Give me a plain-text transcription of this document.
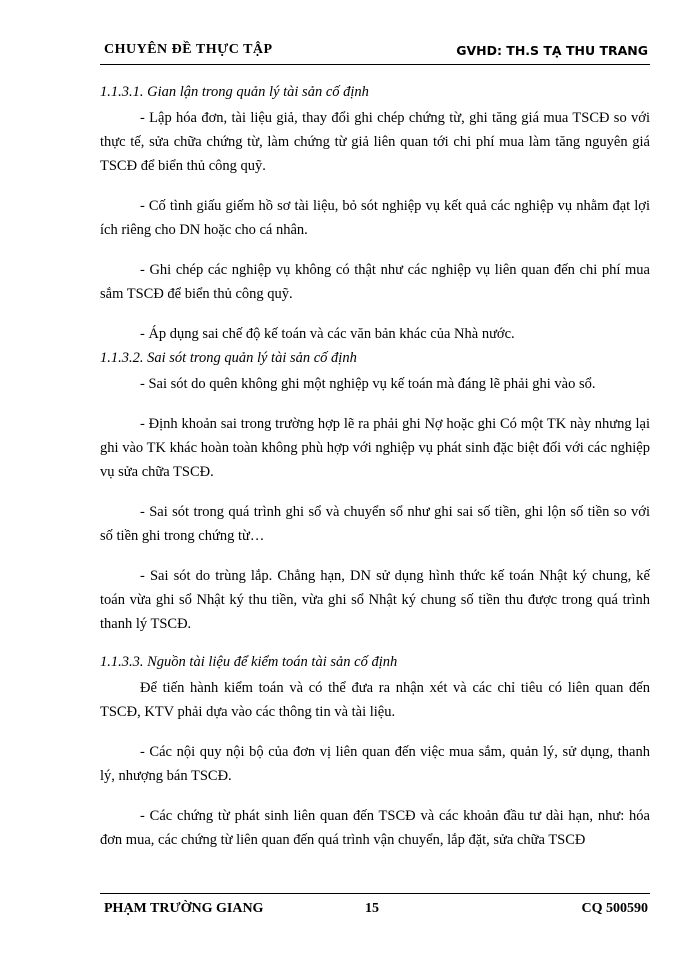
CHUYÊN ĐỀ THỰC TẬP	GVHD: TH.S TẠ THU TRANG
1.1.3.1. Gian lận trong quản lý tài sản cố định

- Lập hóa đơn, tài liệu giả, thay đổi ghi chép chứng từ, ghi tăng giá mua TSCĐ so với thực tế, sửa chữa chứng từ, làm chứng từ giả liên quan tới chi phí mua làm tăng nguyên giá TSCĐ để biển thủ công quỹ.

- Cố tình giấu giếm hồ sơ tài liệu, bỏ sót nghiệp vụ kết quả các nghiệp vụ nhằm đạt lợi ích riêng cho DN hoặc cho cá nhân.

- Ghi chép các nghiệp vụ không có thật như các nghiệp vụ liên quan đến chi phí mua sắm TSCĐ để biển thủ công quỹ.

- Áp dụng sai chế độ kế toán và các văn bản khác của Nhà nước.

1.1.3.2. Sai sót trong quản lý tài sản cố định

- Sai sót do quên không ghi một nghiệp vụ kế toán mà đáng lẽ phải ghi vào sổ.

- Định khoản sai trong trường hợp lẽ ra phải ghi Nợ hoặc ghi Có một TK này nhưng lại ghi vào TK khác hoàn toàn không phù hợp với nghiệp vụ phát sinh đặc biệt đối với các nghiệp vụ sửa chữa TSCĐ.

- Sai sót trong quá trình ghi sổ và chuyển sổ như ghi sai số tiền, ghi lộn số tiền so với số tiền ghi trong chứng từ…

- Sai sót do trùng lắp. Chẳng hạn, DN sử dụng hình thức kế toán Nhật ký chung, kế toán vừa ghi sổ Nhật ký thu tiền, vừa ghi sổ Nhật ký chung số tiền thu được trong quá trình thanh lý TSCĐ.

1.1.3.3. Nguồn tài liệu để kiểm toán tài sản cố định

Để tiến hành kiểm toán và có thể đưa ra nhận xét và các chỉ tiêu có liên quan đến TSCĐ, KTV phải dựa vào các thông tin và tài liệu.

- Các nội quy nội bộ của đơn vị liên quan đến việc mua sắm, quản lý, sử dụng, thanh lý, nhượng bán TSCĐ.

- Các chứng từ phát sinh liên quan đến TSCĐ và các khoản đầu tư dài hạn, như: hóa đơn mua, các chứng từ liên quan đến quá trình vận chuyển, lắp đặt, sửa chữa TSCĐ

PHẠM TRƯỜNG GIANG	15	CQ 500590
